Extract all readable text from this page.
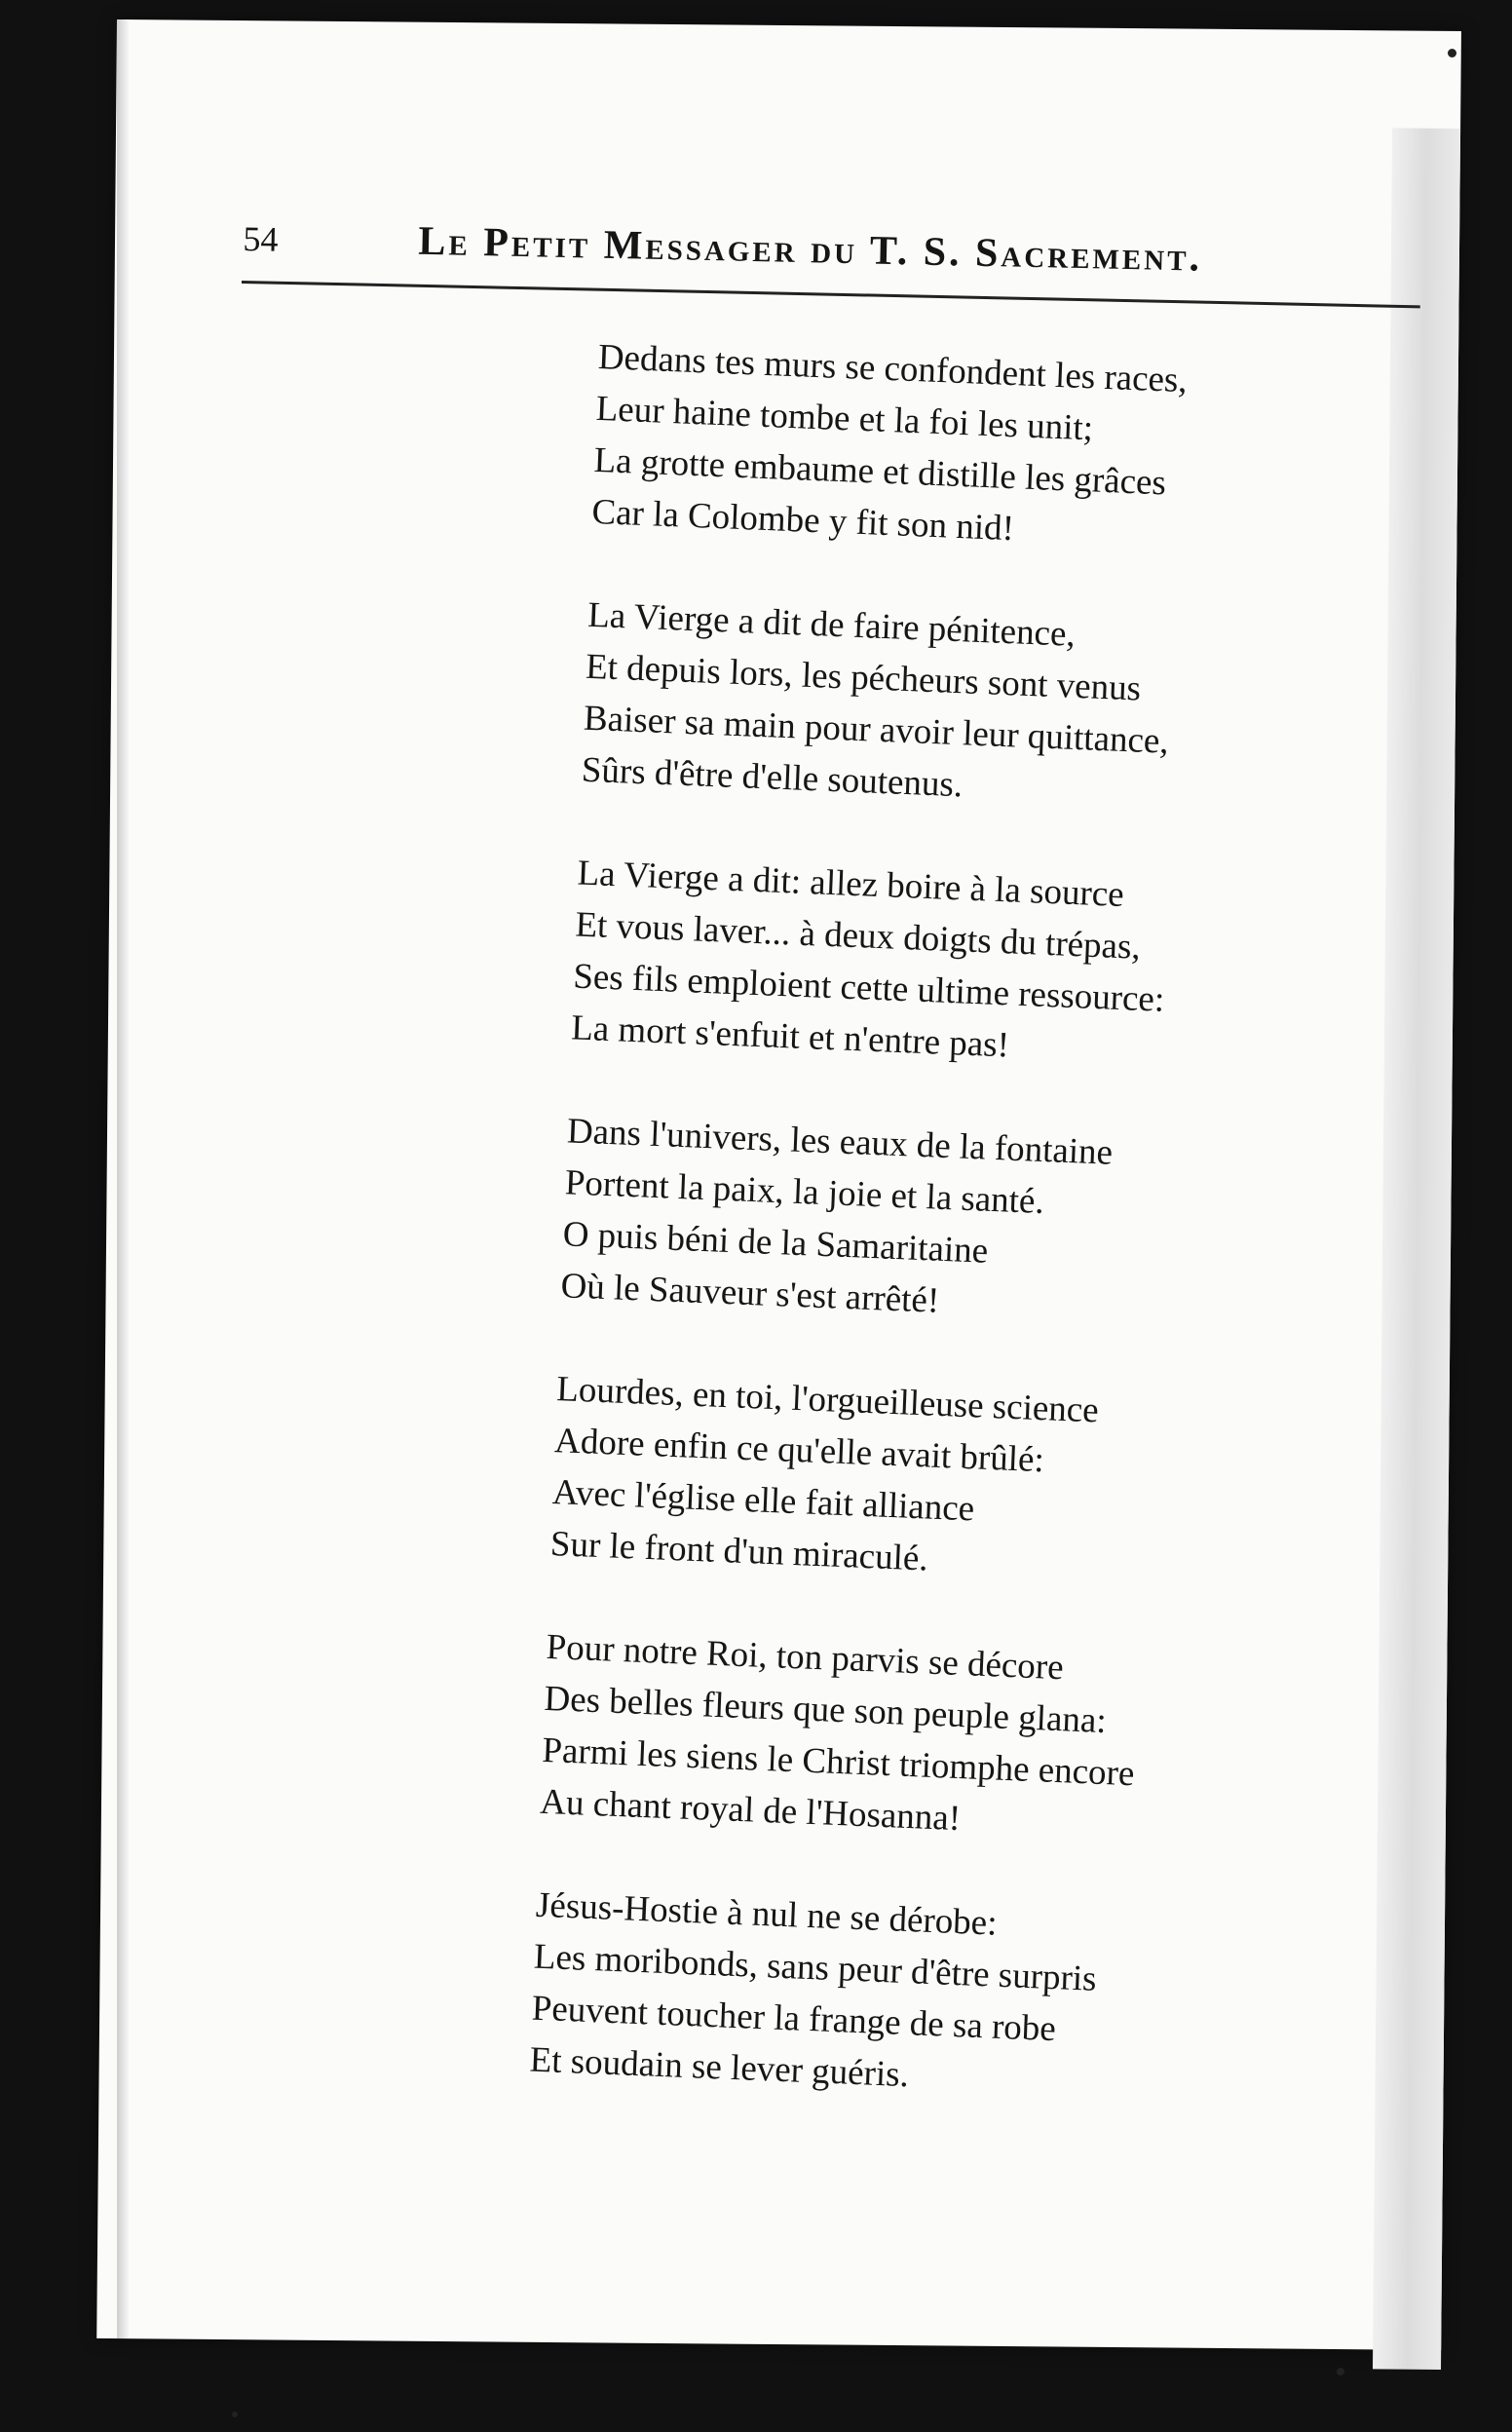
54	Le Petit Messager du T. S. Sacrement.
Dedans tes murs se confondent les races,
Leur haine tombe et la foi les unit;
La grotte embaume et distille les grâces
Car la Colombe y fit son nid!
La Vierge a dit de faire pénitence,
Et depuis lors, les pécheurs sont venus
Baiser sa main pour avoir leur quittance,
Sûrs d'être d'elle soutenus.
La Vierge a dit: allez boire à la source
Et vous laver... à deux doigts du trépas,
Ses fils emploient cette ultime ressource:
La mort s'enfuit et n'entre pas!
Dans l'univers, les eaux de la fontaine
Portent la paix, la joie et la santé.
O puis béni de la Samaritaine
Où le Sauveur s'est arrêté!
Lourdes, en toi, l'orgueilleuse science
Adore enfin ce qu'elle avait brûlé:
Avec l'église elle fait alliance
Sur le front d'un miraculé.
Pour notre Roi, ton parvis se décore
Des belles fleurs que son peuple glana:
Parmi les siens le Christ triomphe encore
Au chant royal de l'Hosanna!
Jésus-Hostie à nul ne se dérobe:
Les moribonds, sans peur d'être surpris
Peuvent toucher la frange de sa robe
Et soudain se lever guéris.
